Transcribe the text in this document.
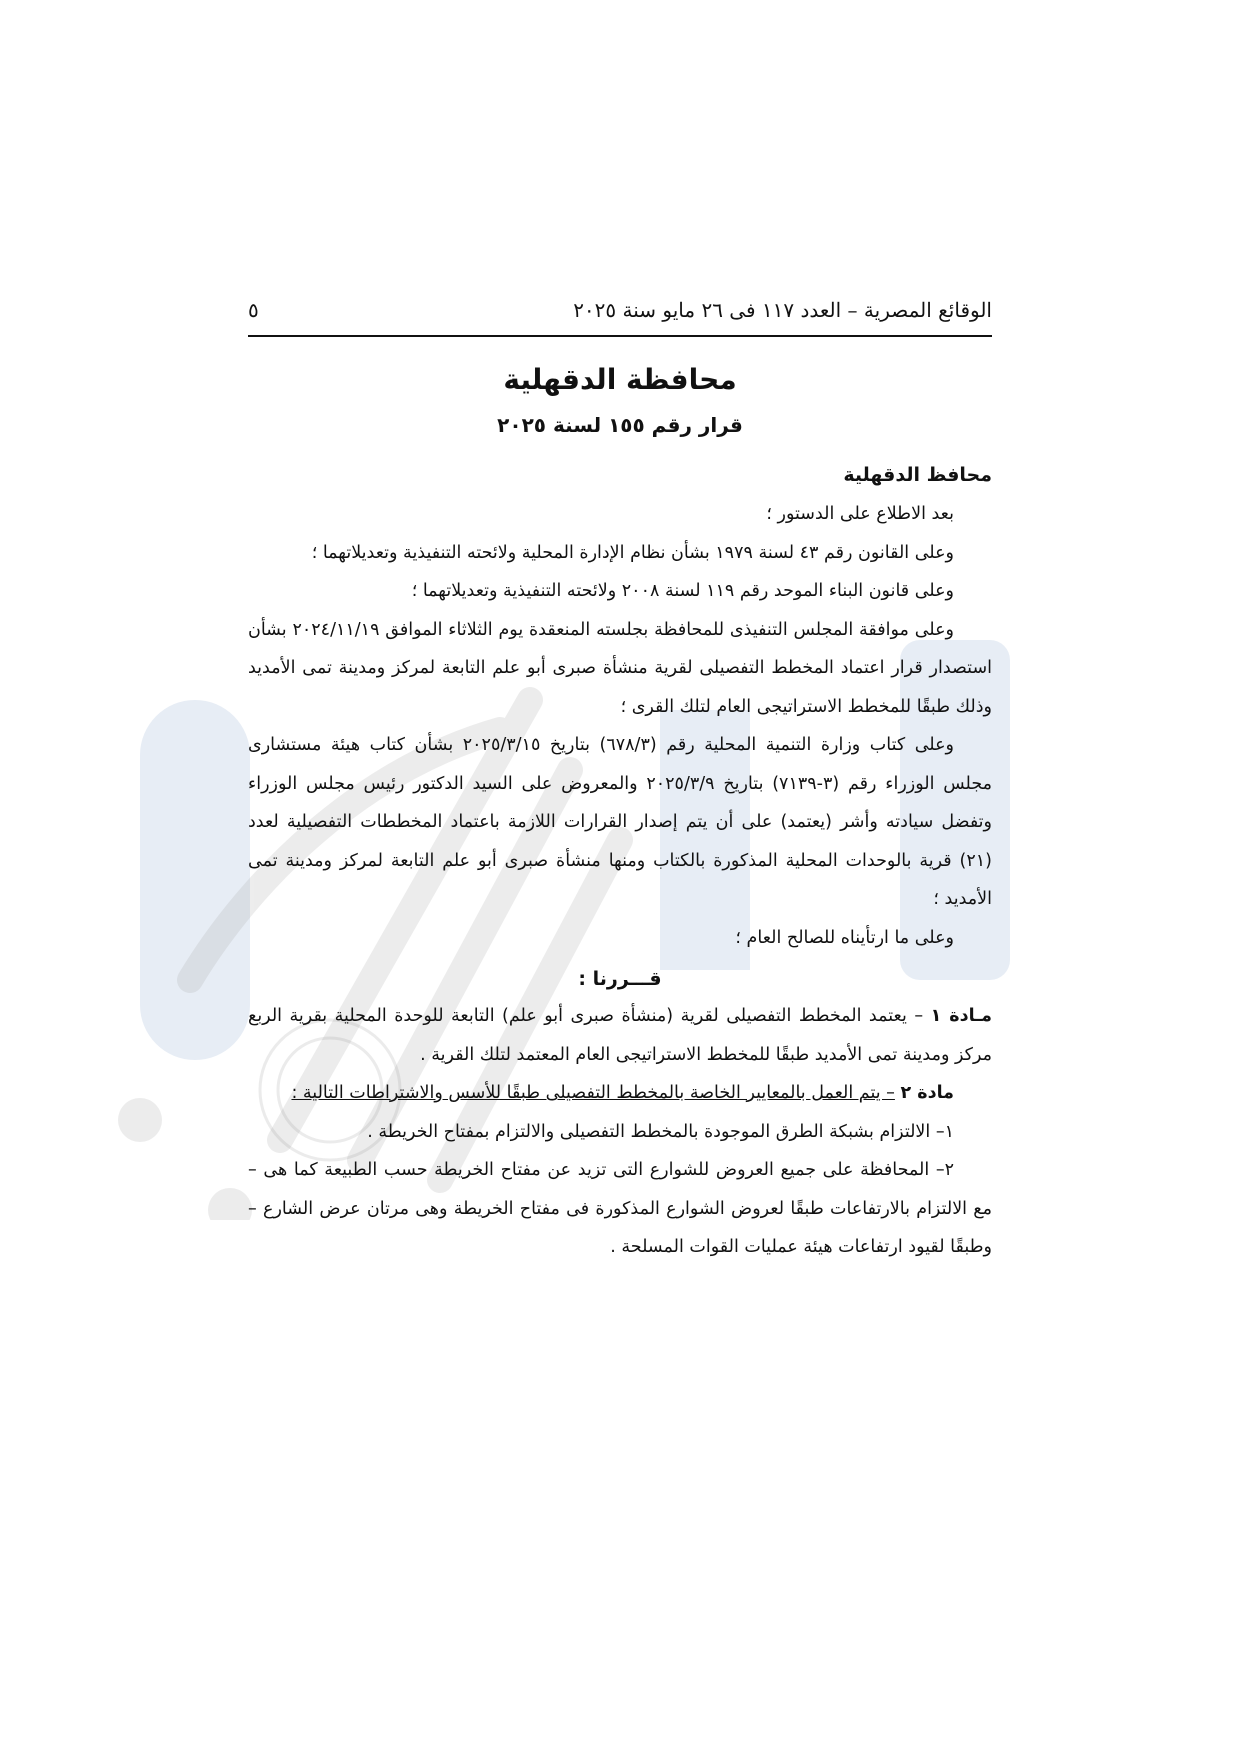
الوقائع المصرية – العدد ١١٧ فى ٢٦ مايو سنة ٢٠٢٥
٥
محافظة الدقهلية
قرار رقم ١٥٥ لسنة ٢٠٢٥
محافظ الدقهلية

بعد الاطلاع على الدستور ؛

وعلى القانون رقم ٤٣ لسنة ١٩٧٩ بشأن نظام الإدارة المحلية ولائحته التنفيذية وتعديلاتهما ؛

وعلى قانون البناء الموحد رقم ١١٩ لسنة ٢٠٠٨ ولائحته التنفيذية وتعديلاتهما ؛

وعلى موافقة المجلس التنفيذى للمحافظة بجلسته المنعقدة يوم الثلاثاء الموافق ٢٠٢٤/١١/١٩ بشأن استصدار قرار اعتماد المخطط التفصيلى لقرية منشأة صبرى أبو علم التابعة لمركز ومدينة تمى الأمديد وذلك طبقًا للمخطط الاستراتيجى العام لتلك القرى ؛

وعلى كتاب وزارة التنمية المحلية رقم (٦٧٨/٣) بتاريخ ٢٠٢٥/٣/١٥ بشأن كتاب هيئة مستشارى مجلس الوزراء رقم (٣-٧١٣٩) بتاريخ ٢٠٢٥/٣/٩ والمعروض على السيد الدكتور رئيس مجلس الوزراء وتفضل سيادته وأشر (يعتمد) على أن يتم إصدار القرارات اللازمة باعتماد المخططات التفصيلية لعدد (٢١) قرية بالوحدات المحلية المذكورة بالكتاب ومنها منشأة صبرى أبو علم التابعة لمركز ومدينة تمى الأمديد ؛

وعلى ما ارتأيناه للصالح العام ؛

قـــررنا :

مـادة ١ – يعتمد المخطط التفصيلى لقرية (منشأة صبرى أبو علم) التابعة للوحدة المحلية بقرية الربع مركز ومدينة تمى الأمديد طبقًا للمخطط الاستراتيجى العام المعتمد لتلك القرية .

مادة ٢ – يتم العمل بالمعايير الخاصة بالمخطط التفصيلى طبقًا للأسس والاشتراطات التالية :

١– الالتزام بشبكة الطرق الموجودة بالمخطط التفصيلى والالتزام بمفتاح الخريطة .

٢– المحافظة على جميع العروض للشوارع التى تزيد عن مفتاح الخريطة حسب الطبيعة كما هى – مع الالتزام بالارتفاعات طبقًا لعروض الشوارع المذكورة فى مفتاح الخريطة وهى مرتان عرض الشارع – وطبقًا لقيود ارتفاعات هيئة عمليات القوات المسلحة .
